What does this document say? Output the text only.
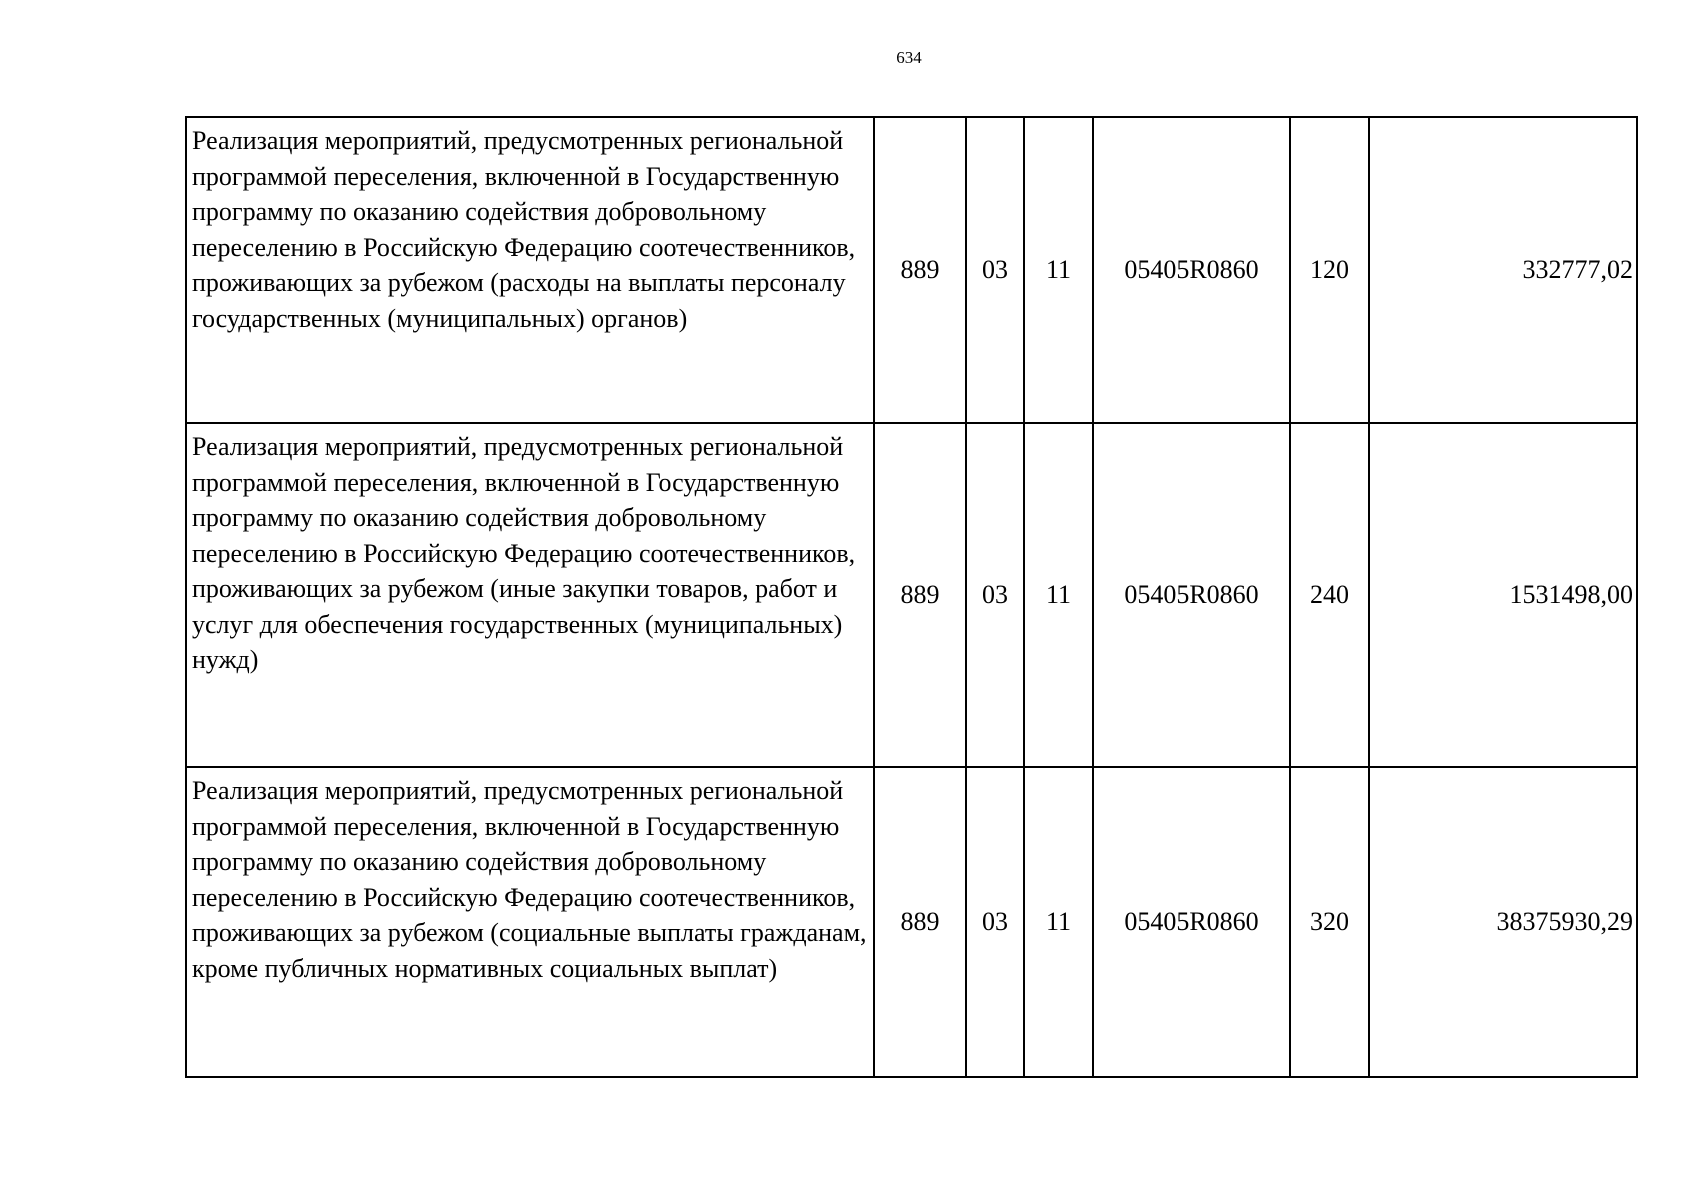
634
Реализация мероприятий, предусмотренных региональной программой переселения, включенной в Государственную программу по оказанию содействия добровольному переселению в Российскую Федерацию соотечественников, проживающих за рубежом (расходы на выплаты персоналу государственных (муниципальных) органов)	889	03	11	05405R0860	120	332777,02

Реализация мероприятий, предусмотренных региональной программой переселения, включенной в Государственную программу по оказанию содействия добровольному переселению в Российскую Федерацию соотечественников, проживающих за рубежом (иные закупки товаров, работ и услуг для обеспечения государственных (муниципальных) нужд)	889	03	11	05405R0860	240	1531498,00

Реализация мероприятий, предусмотренных региональной программой переселения, включенной в Государственную программу по оказанию содействия добровольному переселению в Российскую Федерацию соотечественников, проживающих за рубежом (социальные выплаты гражданам, кроме публичных нормативных социальных выплат)	889	03	11	05405R0860	320	38375930,29
